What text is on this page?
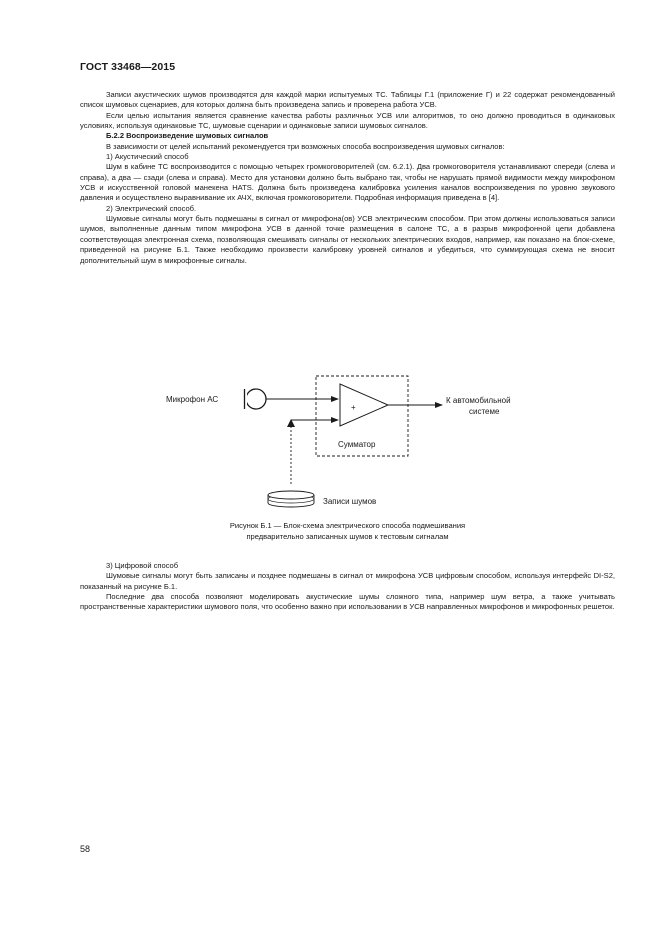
ГОСТ 33468—2015

Записи акустических шумов производятся для каждой марки испытуемых ТС. Таблицы Г.1 (приложение Г) и 22 содержат рекомендованный список шумовых сценариев, для которых должна быть произведена запись и проверена работа УСВ.

Если целью испытания является сравнение качества работы различных УСВ или алгоритмов, то оно должно проводиться в одинаковых условиях, используя одинаковые ТС, шумовые сценарии и одинаковые записи шумовых сигналов.

Б.2.2 Воспроизведение шумовых сигналов

В зависимости от целей испытаний рекомендуется три возможных способа воспроизведения шумовых сигналов:

1) Акустический способ

Шум в кабине ТС воспроизводится с помощью четырех громкоговорителей (см. 6.2.1). Два громкоговорителя устанавливают спереди (слева и справа), а два — сзади (слева и справа). Место для установки должно быть выбрано так, чтобы не нарушать прямой видимости между микрофоном УСВ и искусственной головой манекена HATS. Должна быть произведена калибровка усиления каналов воспроизведения по уровню звукового давления и осуществлено выравнивание их АЧХ, включая громкоговорители. Подробная информация приведена в [4].

2) Электрический способ.

Шумовые сигналы могут быть подмешаны в сигнал от микрофона(ов) УСВ электрическим способом. При этом должны использоваться записи шумов, выполненные данным типом микрофона УСВ в данной точке размещения в салоне ТС, а в разрыв микрофонной цепи добавлена соответствующая электронная схема, позволяющая смешивать сигналы от нескольких электрических входов, например, как показано на блок-схеме, приведенной на рисунке Б.1. Также необходимо произвести калибровку уровней сигналов и убедиться, что суммирующая схема не вносит дополнительный шум в микрофонные сигналы.

Микрофон АС
+
Сумматор
К автомобильной
системе
Записи шумов
Рисунок Б.1 — Блок-схема электрического способа подмешивания
предварительно записанных шумов к тестовым сигналам

3) Цифровой способ

Шумовые сигналы могут быть записаны и позднее подмешаны в сигнал от микрофона УСВ цифровым способом, используя интерфейс DI-S2, показанный на рисунке Б.1.

Последние два способа позволяют моделировать акустические шумы сложного типа, например шум ветра, а также учитывать пространственные характеристики шумового поля, что особенно важно при использовании в УСВ направленных микрофонов и микрофонных решеток.

58
